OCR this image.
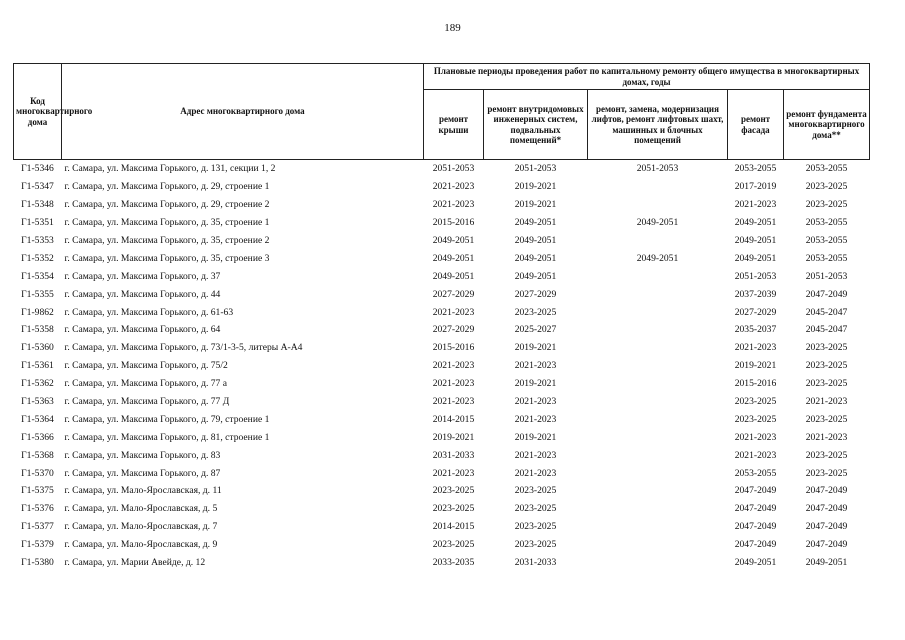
189
Код многоквартирного дома	Адрес многоквартирного дома	Плановые периоды проведения работ по капитальному ремонту общего имущества в многоквартирных домах, годы				
		ремонт крыши	ремонт внутридомовых инженерных систем, подвальных помещений*	ремонт, замена, модернизация лифтов, ремонт лифтовых шахт, машинных и блочных помещений	ремонт фасада	ремонт фундамента многоквартирного дома**
Г1-5346	г. Самара, ул. Максима Горького, д. 131, секции 1, 2	2051-2053	2051-2053	2051-2053	2053-2055	2053-2055
Г1-5347	г. Самара, ул. Максима Горького, д. 29, строение 1	2021-2023	2019-2021		2017-2019	2023-2025
Г1-5348	г. Самара, ул. Максима Горького, д. 29, строение 2	2021-2023	2019-2021		2021-2023	2023-2025
Г1-5351	г. Самара, ул. Максима Горького, д. 35, строение 1	2015-2016	2049-2051	2049-2051	2049-2051	2053-2055
Г1-5353	г. Самара, ул. Максима Горького, д. 35, строение 2	2049-2051	2049-2051		2049-2051	2053-2055
Г1-5352	г. Самара, ул. Максима Горького, д. 35, строение 3	2049-2051	2049-2051	2049-2051	2049-2051	2053-2055
Г1-5354	г. Самара, ул. Максима Горького, д. 37	2049-2051	2049-2051		2051-2053	2051-2053
Г1-5355	г. Самара, ул. Максима Горького, д. 44	2027-2029	2027-2029		2037-2039	2047-2049
Г1-9862	г. Самара, ул. Максима Горького, д. 61-63	2021-2023	2023-2025		2027-2029	2045-2047
Г1-5358	г. Самара, ул. Максима Горького, д. 64	2027-2029	2025-2027		2035-2037	2045-2047
Г1-5360	г. Самара, ул. Максима Горького, д. 73/1-3-5, литеры А-А4	2015-2016	2019-2021		2021-2023	2023-2025
Г1-5361	г. Самара, ул. Максима Горького, д. 75/2	2021-2023	2021-2023		2019-2021	2023-2025
Г1-5362	г. Самара, ул. Максима Горького, д. 77 а	2021-2023	2019-2021		2015-2016	2023-2025
Г1-5363	г. Самара, ул. Максима Горького, д. 77 Д	2021-2023	2021-2023		2023-2025	2021-2023
Г1-5364	г. Самара, ул. Максима Горького, д. 79, строение 1	2014-2015	2021-2023		2023-2025	2023-2025
Г1-5366	г. Самара, ул. Максима Горького, д. 81, строение 1	2019-2021	2019-2021		2021-2023	2021-2023
Г1-5368	г. Самара, ул. Максима Горького, д. 83	2031-2033	2021-2023		2021-2023	2023-2025
Г1-5370	г. Самара, ул. Максима Горького, д. 87	2021-2023	2021-2023		2053-2055	2023-2025
Г1-5375	г. Самара, ул. Мало-Ярославская, д. 11	2023-2025	2023-2025		2047-2049	2047-2049
Г1-5376	г. Самара, ул. Мало-Ярославская, д. 5	2023-2025	2023-2025		2047-2049	2047-2049
Г1-5377	г. Самара, ул. Мало-Ярославская, д. 7	2014-2015	2023-2025		2047-2049	2047-2049
Г1-5379	г. Самара, ул. Мало-Ярославская, д. 9	2023-2025	2023-2025		2047-2049	2047-2049
Г1-5380	г. Самара, ул. Марии Авейде, д. 12	2033-2035	2031-2033		2049-2051	2049-2051
